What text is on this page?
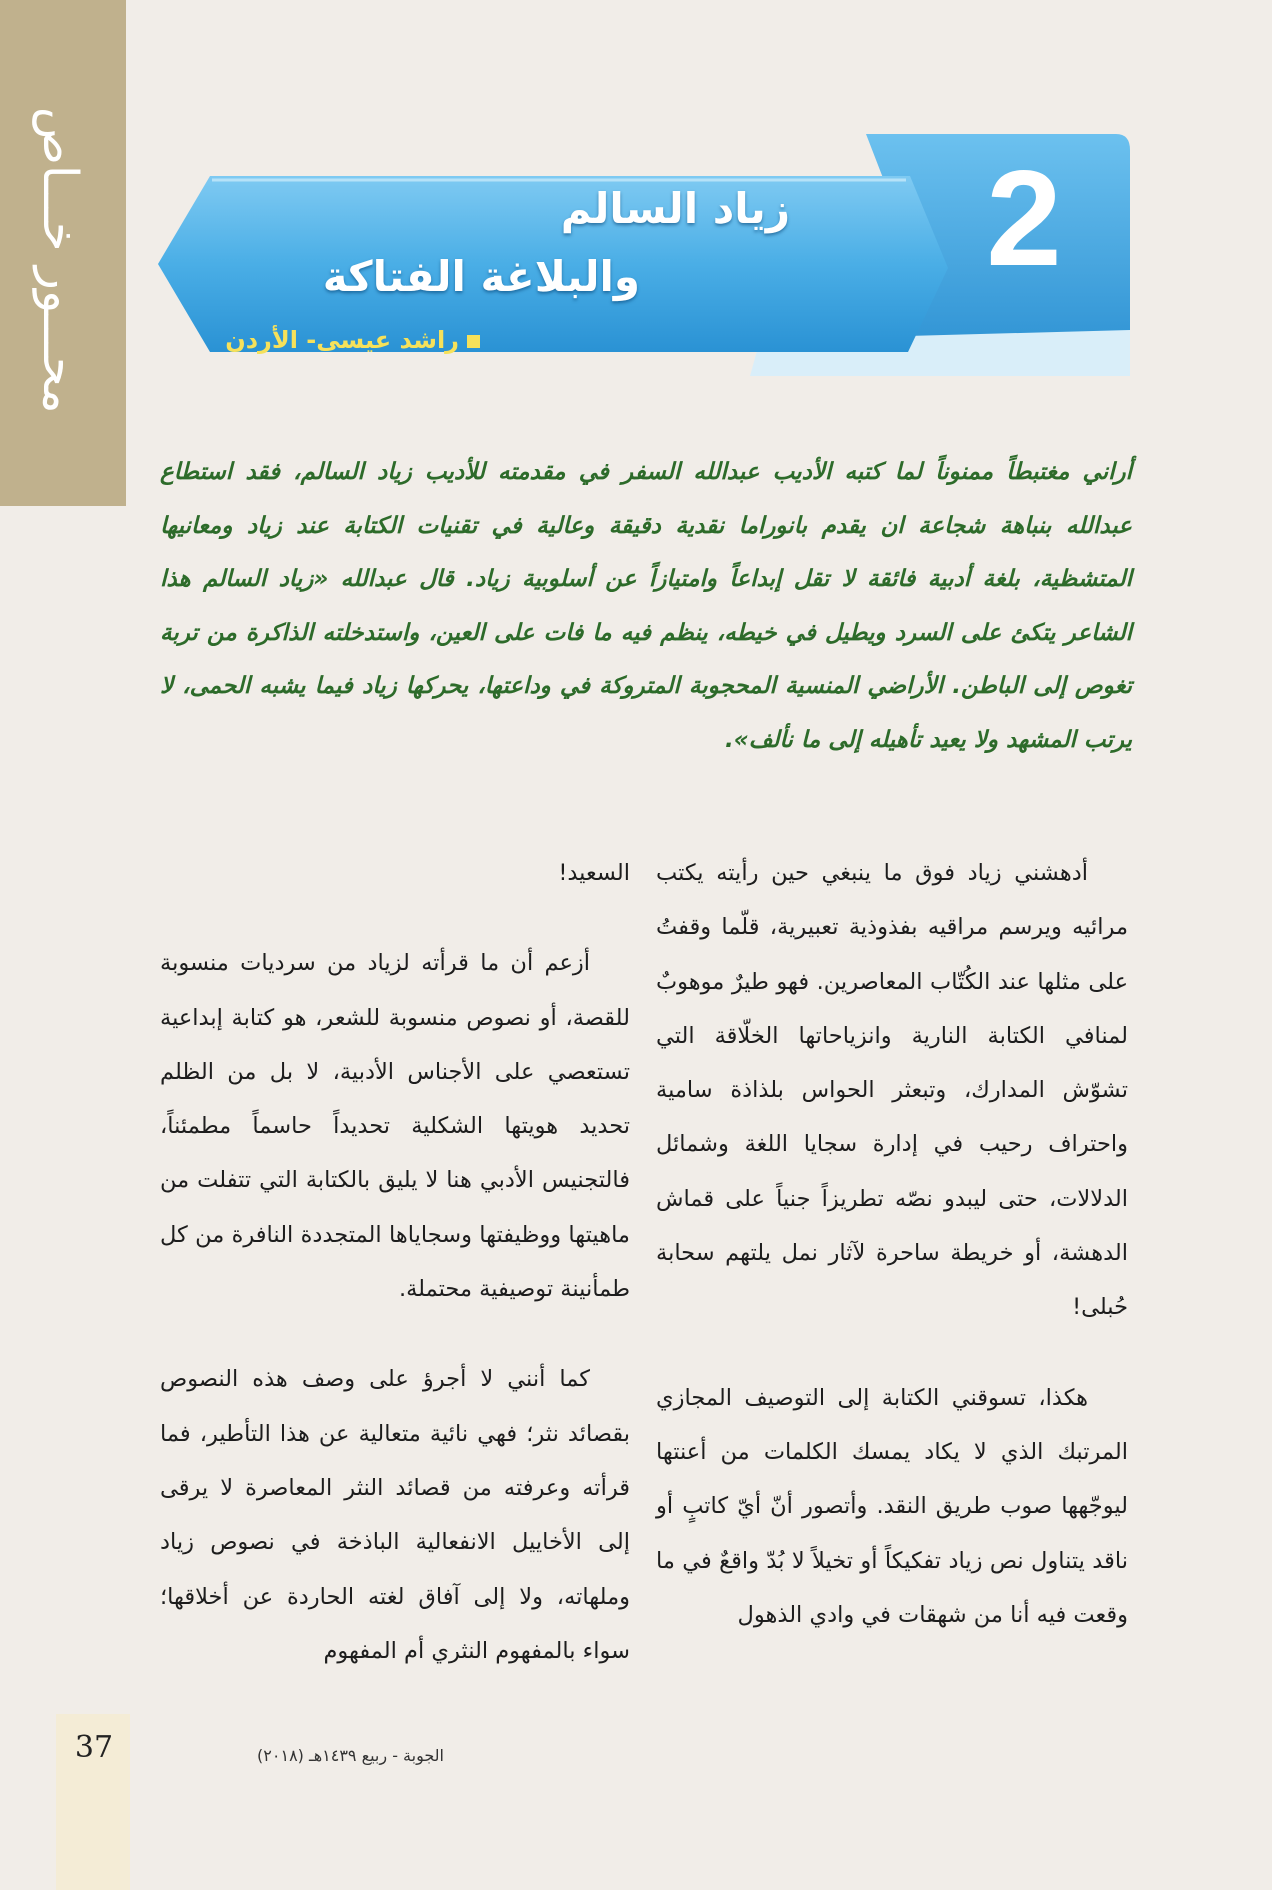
محـــور خـــاص	2
زياد السالم
والبلاغة الفتاكة
راشد عيسى- الأردن
أراني مغتبطاً ممنوناً لما كتبه الأديب عبدالله السفر في مقدمته للأديب زياد السالم، فقد استطاع عبدالله بنباهة شجاعة ان يقدم بانوراما نقدية دقيقة وعالية في تقنيات الكتابة عند زياد ومعانيها المتشظية، بلغة أدبية فائقة لا تقل إبداعاً وامتيازاً عن أسلوبية زياد. قال عبدالله «زياد السالم هذا الشاعر يتكئ على السرد ويطيل في خيطه، ينظم فيه ما فات على العين، واستدخلته الذاكرة من تربة تغوص إلى الباطن. الأراضي المنسية المحجوبة المتروكة في وداعتها، يحركها زياد فيما يشبه الحمى، لا يرتب المشهد ولا يعيد تأهيله إلى ما نألف».

أدهشني زياد فوق ما ينبغي حين رأيته يكتب مرائيه ويرسم مراقيه بفذوذية تعبيرية، قلّما وقفتُ على مثلها عند الكُتّاب المعاصرين. فهو طيرٌ موهوبٌ لمنافي الكتابة النارية وانزياحاتها الخلّاقة التي تشوّش المدارك، وتبعثر الحواس بلذاذة سامية واحتراف رحيب في إدارة سجايا اللغة وشمائل الدلالات، حتى ليبدو نصّه تطريزاً جنياً على قماش الدهشة، أو خريطة ساحرة لآثار نمل يلتهم سحابة حُبلى!

هكذا، تسوقني الكتابة إلى التوصيف المجازي المرتبك الذي لا يكاد يمسك الكلمات من أعنتها ليوجّهها صوب طريق النقد. وأتصور أنّ أيّ كاتبٍ أو ناقد يتناول نص زياد تفكيكاً أو تخيلاً لا بُدّ واقعٌ في ما وقعت فيه أنا من شهقات في وادي الذهول

السعيد!

أزعم أن ما قرأته لزياد من سرديات منسوبة للقصة، أو نصوص منسوبة للشعر، هو كتابة إبداعية تستعصي على الأجناس الأدبية، لا بل من الظلم تحديد هويتها الشكلية تحديداً حاسماً مطمئناً، فالتجنيس الأدبي هنا لا يليق بالكتابة التي تتفلت من ماهيتها ووظيفتها وسجاياها المتجددة النافرة من كل طمأنينة توصيفية محتملة.

كما أنني لا أجرؤ على وصف هذه النصوص بقصائد نثر؛ فهي نائية متعالية عن هذا التأطير، فما قرأته وعرفته من قصائد النثر المعاصرة لا يرقى إلى الأخاييل الانفعالية الباذخة في نصوص زياد وملهاته، ولا إلى آفاق لغته الحاردة عن أخلاقها؛ سواء بالمفهوم النثري أم المفهوم

37	الجوبة - ربيع ١٤٣٩هـ (٢٠١٨)
